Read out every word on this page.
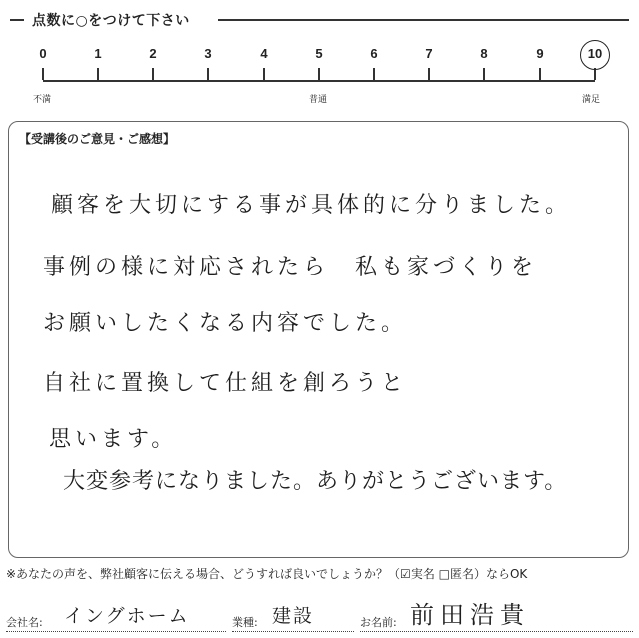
点数に○をつけて下さい
0	1	2	3	4	5	6	7	8	9	10
不満	普通	満足
【受講後のご意見・ご感想】
顧客を大切にする事が具体的に分りました。
事例の様に対応されたら　私も家づくりを
お願いしたくなる内容でした。
自社に置換して仕組を創ろうと
思います。
大変参考になりました。ありがとうございます。
※あなたの声を、弊社顧客に伝える場合、どうすれば良いでしょうか？（☑実名 □匿名）ならOK
会社名: イングホーム	業種: 建設	お名前: 前田浩貴
